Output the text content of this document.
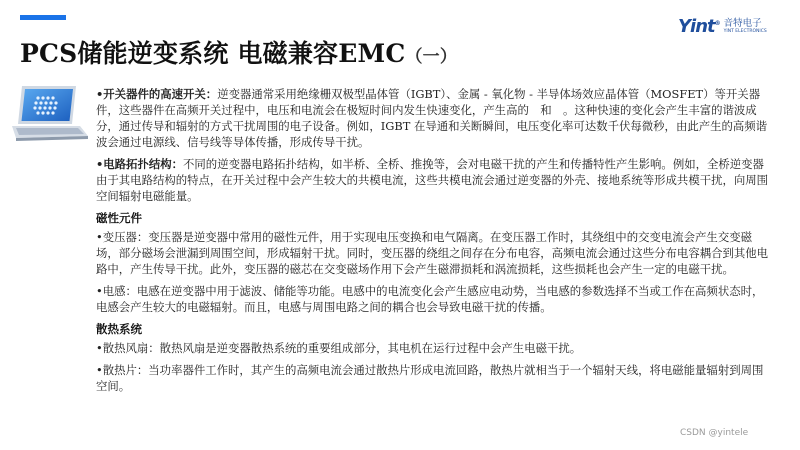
PCS储能逆变系统 电磁兼容EMC（一）
Yint® 音特电子
YINT ELECTRONICS

•开关器件的高速开关：逆变器通常采用绝缘栅双极型晶体管（IGBT）、金属 - 氧化物 - 半导体场效应晶体管（MOSFET）等开关器件，这些器件在高频开关过程中，电压和电流会在极短时间内发生快速变化，产生高的　和　。这种快速的变化会产生丰富的谐波成分，通过传导和辐射的方式干扰周围的电子设备。例如，IGBT 在导通和关断瞬间，电压变化率可达数千伏每微秒，由此产生的高频谐波会通过电源线、信号线等导体传播，形成传导干扰。

•电路拓扑结构：不同的逆变器电路拓扑结构，如半桥、全桥、推挽等，会对电磁干扰的产生和传播特性产生影响。例如，全桥逆变器由于其电路结构的特点，在开关过程中会产生较大的共模电流，这些共模电流会通过逆变器的外壳、接地系统等形成共模干扰，向周围空间辐射电磁能量。

磁性元件

•变压器：变压器是逆变器中常用的磁性元件，用于实现电压变换和电气隔离。在变压器工作时，其绕组中的交变电流会产生交变磁场，部分磁场会泄漏到周围空间，形成辐射干扰。同时，变压器的绕组之间存在分布电容，高频电流会通过这些分布电容耦合到其他电路中，产生传导干扰。此外，变压器的磁芯在交变磁场作用下会产生磁滞损耗和涡流损耗，这些损耗也会产生一定的电磁干扰。

•电感：电感在逆变器中用于滤波、储能等功能。电感中的电流变化会产生感应电动势，当电感的参数选择不当或工作在高频状态时，电感会产生较大的电磁辐射。而且，电感与周围电路之间的耦合也会导致电磁干扰的传播。

散热系统

•散热风扇：散热风扇是逆变器散热系统的重要组成部分，其电机在运行过程中会产生电磁干扰。

•散热片：当功率器件工作时，其产生的高频电流会通过散热片形成电流回路，散热片就相当于一个辐射天线，将电磁能量辐射到周围空间。

CSDN @yintele
